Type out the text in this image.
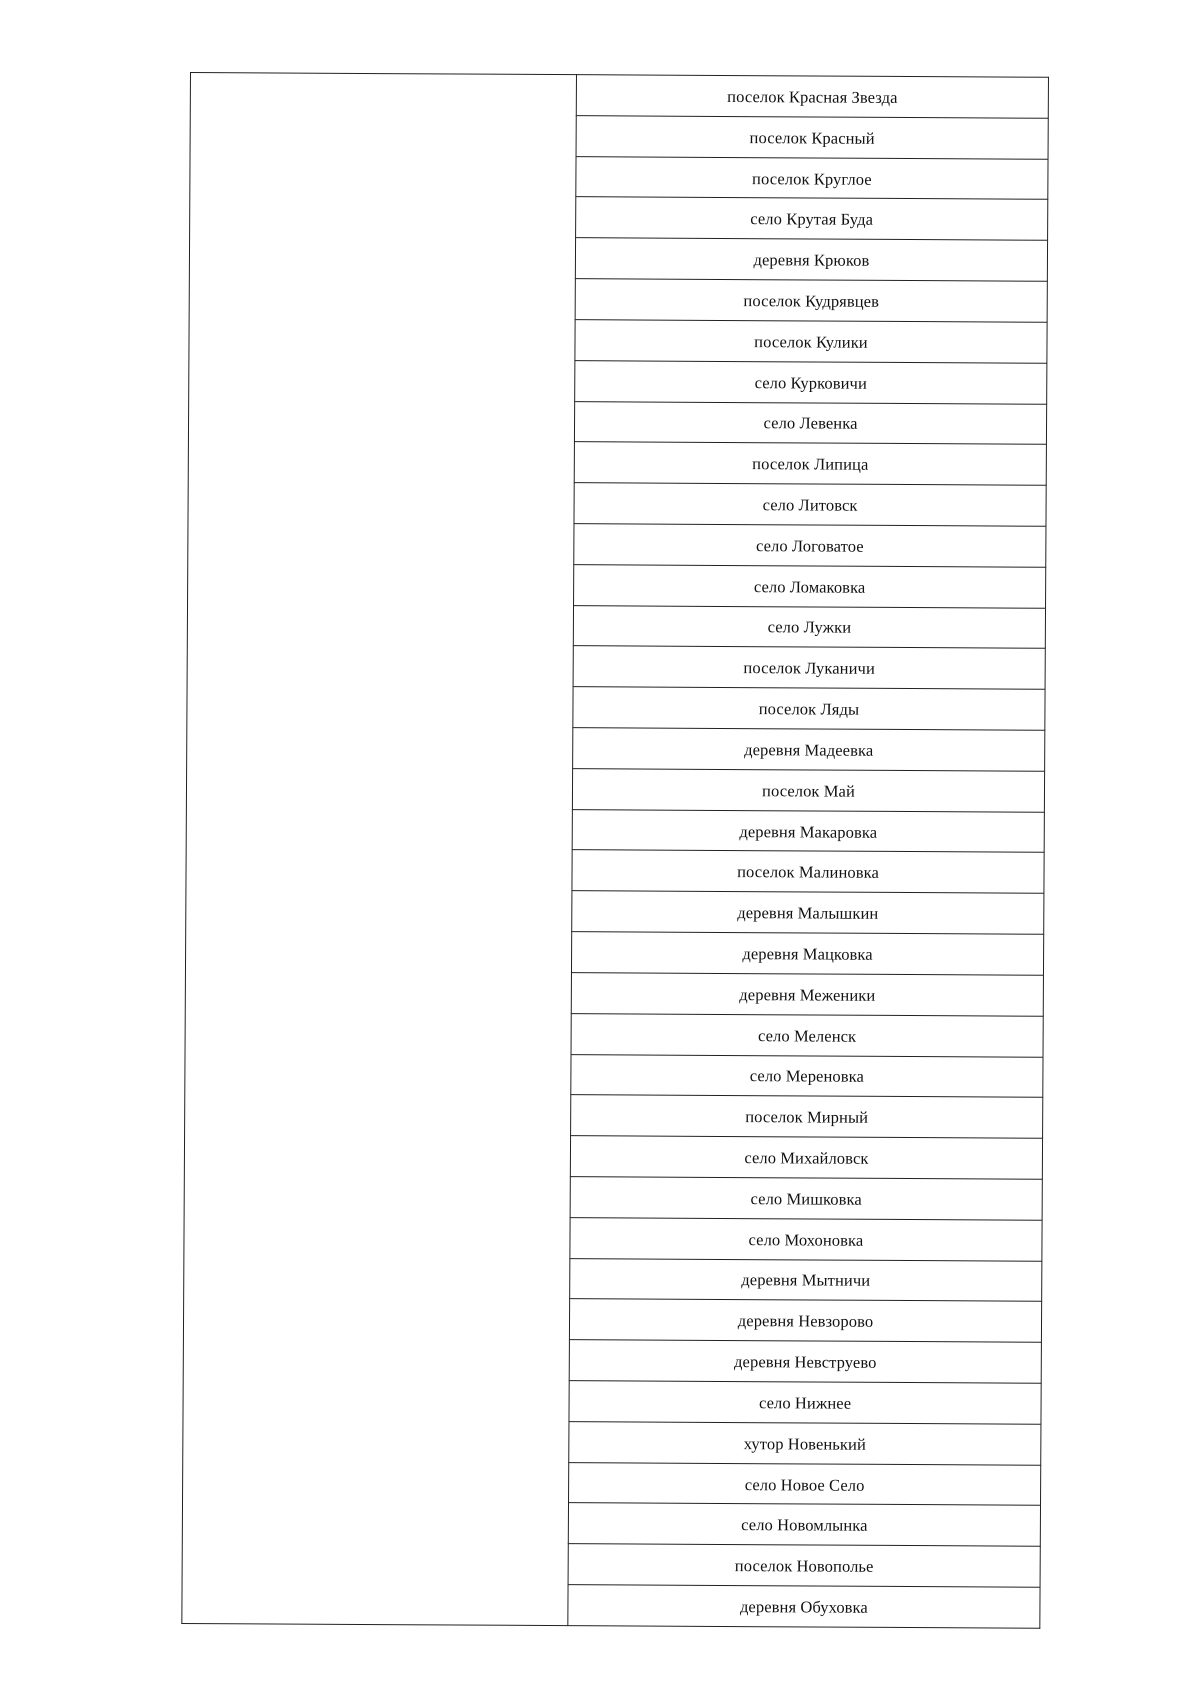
	поселок Красная Звезда
поселок Красный
поселок Круглое
село Крутая Буда
деревня Крюков
поселок Кудрявцев
поселок Кулики
село Курковичи
село Левенка
поселок Липица
село Литовск
село Логоватое
село Ломаковка
село Лужки
поселок Луканичи
поселок Ляды
деревня Мадеевка
поселок Май
деревня Макаровка
поселок Малиновка
деревня Малышкин
деревня Мацковка
деревня Меженики
село Меленск
село Мереновка
поселок Мирный
село Михайловск
село Мишковка
село Мохоновка
деревня Мытничи
деревня Невзорово
деревня Невструево
село Нижнее
хутор Новенький
село Новое Село
село Новомлынка
поселок Новополье
деревня Обуховка
